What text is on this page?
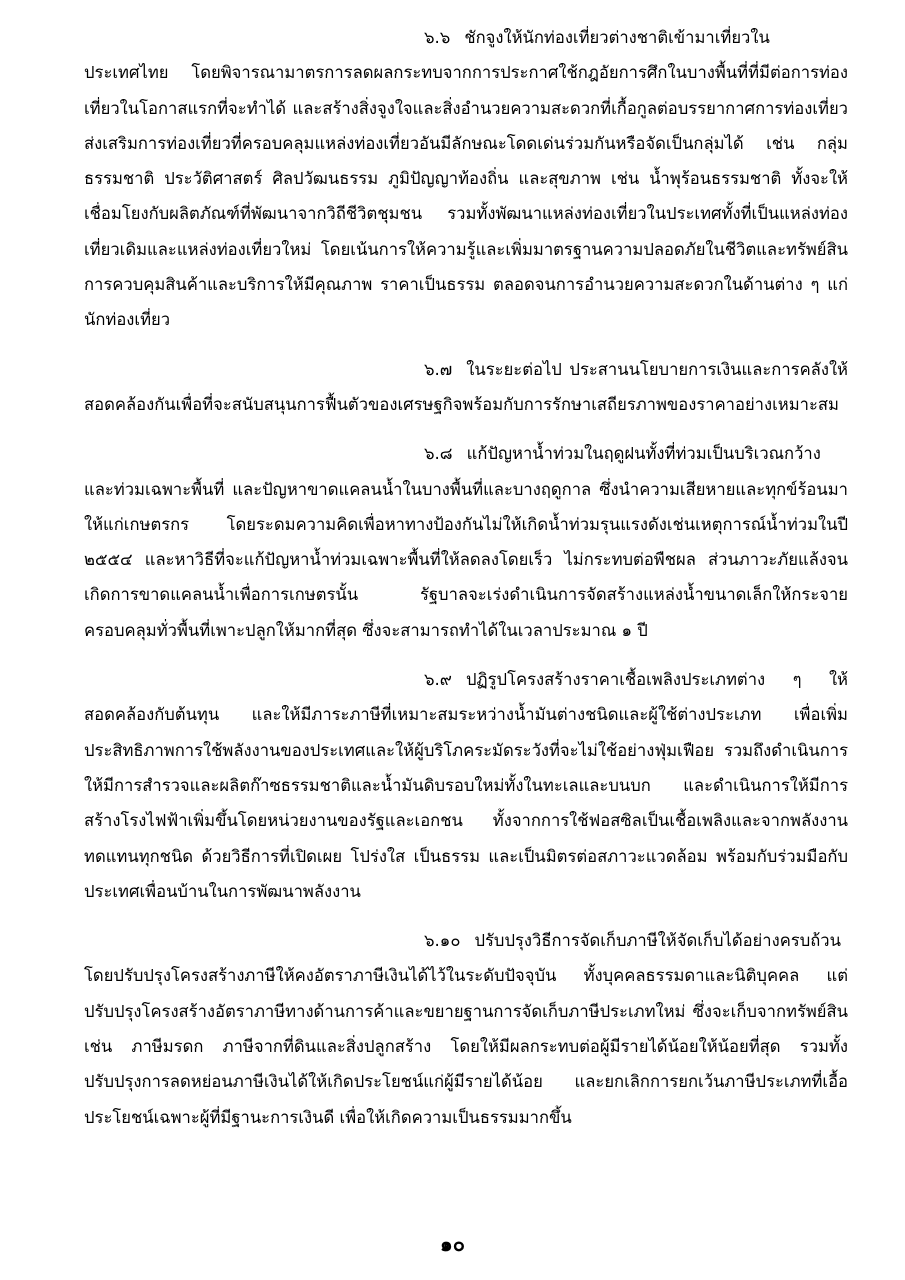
๖.๖ ชักจูงให้นักท่องเที่ยวต่างชาติเข้ามาเที่ยวในประเทศไทย โดยพิจารณามาตรการลดผลกระทบจากการประกาศใช้กฎอัยการศึกในบางพื้นที่ที่มีต่อการท่องเที่ยวในโอกาสแรกที่จะทำได้ และสร้างสิ่งจูงใจและสิ่งอำนวยความสะดวกที่เกื้อกูลต่อบรรยากาศการท่องเที่ยว ส่งเสริมการท่องเที่ยวที่ครอบคลุมแหล่งท่องเที่ยวอันมีลักษณะโดดเด่นร่วมกันหรือจัดเป็นกลุ่มได้ เช่น กลุ่มธรรมชาติ ประวัติศาสตร์ ศิลปวัฒนธรรม ภูมิปัญญาท้องถิ่น และสุขภาพ เช่น น้ำพุร้อนธรรมชาติ ทั้งจะให้เชื่อมโยงกับผลิตภัณฑ์ที่พัฒนาจากวิถีชีวิตชุมชน รวมทั้งพัฒนาแหล่งท่องเที่ยวในประเทศทั้งที่เป็นแหล่งท่องเที่ยวเดิมและแหล่งท่องเที่ยวใหม่ โดยเน้นการให้ความรู้และเพิ่มมาตรฐานความปลอดภัยในชีวิตและทรัพย์สิน การควบคุมสินค้าและบริการให้มีคุณภาพ ราคาเป็นธรรม ตลอดจนการอำนวยความสะดวกในด้านต่าง ๆ แก่นักท่องเที่ยว

๖.๗ ในระยะต่อไป ประสานนโยบายการเงินและการคลังให้สอดคล้องกันเพื่อที่จะสนับสนุนการฟื้นตัวของเศรษฐกิจพร้อมกับการรักษาเสถียรภาพของราคาอย่างเหมาะสม

๖.๘ แก้ปัญหาน้ำท่วมในฤดูฝนทั้งที่ท่วมเป็นบริเวณกว้างและท่วมเฉพาะพื้นที่ และปัญหาขาดแคลนน้ำในบางพื้นที่และบางฤดูกาล ซึ่งนำความเสียหายและทุกข์ร้อนมาให้แก่เกษตรกร โดยระดมความคิดเพื่อหาทางป้องกันไม่ให้เกิดน้ำท่วมรุนแรงดังเช่นเหตุการณ์น้ำท่วมในปี ๒๕๕๔ และหาวิธีที่จะแก้ปัญหาน้ำท่วมเฉพาะพื้นที่ให้ลดลงโดยเร็ว ไม่กระทบต่อพืชผล ส่วนภาวะภัยแล้งจนเกิดการขาดแคลนน้ำเพื่อการเกษตรนั้น รัฐบาลจะเร่งดำเนินการจัดสร้างแหล่งน้ำขนาดเล็กให้กระจายครอบคลุมทั่วพื้นที่เพาะปลูกให้มากที่สุด ซึ่งจะสามารถทำได้ในเวลาประมาณ ๑ ปี

๖.๙ ปฏิรูปโครงสร้างราคาเชื้อเพลิงประเภทต่าง ๆ ให้สอดคล้องกับต้นทุน และให้มีภาระภาษีที่เหมาะสมระหว่างน้ำมันต่างชนิดและผู้ใช้ต่างประเภท เพื่อเพิ่มประสิทธิภาพการใช้พลังงานของประเทศและให้ผู้บริโภคระมัดระวังที่จะไม่ใช้อย่างฟุ่มเฟือย รวมถึงดำเนินการให้มีการสำรวจและผลิตก๊าซธรรมชาติและน้ำมันดิบรอบใหม่ทั้งในทะเลและบนบก และดำเนินการให้มีการสร้างโรงไฟฟ้าเพิ่มขึ้นโดยหน่วยงานของรัฐและเอกชน ทั้งจากการใช้ฟอสซิลเป็นเชื้อเพลิงและจากพลังงานทดแทนทุกชนิด ด้วยวิธีการที่เปิดเผย โปร่งใส เป็นธรรม และเป็นมิตรต่อสภาวะแวดล้อม พร้อมกับร่วมมือกับประเทศเพื่อนบ้านในการพัฒนาพลังงาน

๖.๑๐ ปรับปรุงวิธีการจัดเก็บภาษีให้จัดเก็บได้อย่างครบถ้วน โดยปรับปรุงโครงสร้างภาษีให้คงอัตราภาษีเงินได้ไว้ในระดับปัจจุบัน ทั้งบุคคลธรรมดาและนิติบุคคล แต่ปรับปรุงโครงสร้างอัตราภาษีทางด้านการค้าและขยายฐานการจัดเก็บภาษีประเภทใหม่ ซึ่งจะเก็บจากทรัพย์สิน เช่น ภาษีมรดก ภาษีจากที่ดินและสิ่งปลูกสร้าง โดยให้มีผลกระทบต่อผู้มีรายได้น้อยให้น้อยที่สุด รวมทั้งปรับปรุงการลดหย่อนภาษีเงินได้ให้เกิดประโยชน์แก่ผู้มีรายได้น้อย และยกเลิกการยกเว้นภาษีประเภทที่เอื้อประโยชน์เฉพาะผู้ที่มีฐานะการเงินดี เพื่อให้เกิดความเป็นธรรมมากขึ้น

๑๐
